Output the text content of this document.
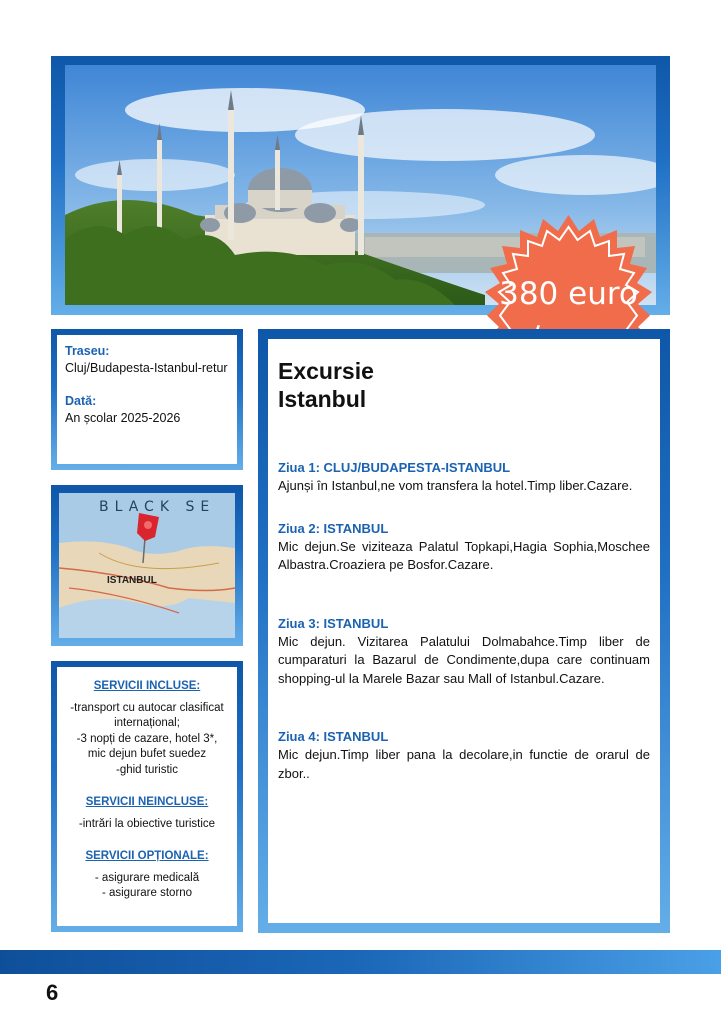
380 euro
Traseu:
Cluj/Budapesta-Istanbul-retur
Dată:
An școlar 2025-2026
BLACK SE
ISTANBUL
SERVICII INCLUSE:
-transport cu autocar clasificat internațional;
-3 nopți de cazare, hotel 3*,
mic dejun bufet suedez
-ghid turistic
SERVICII NEINCLUSE:
-intrări la obiective turistice
SERVICII OPȚIONALE:
- asigurare medicală
- asigurare storno
Excursie
Istanbul
Ziua 1: CLUJ/BUDAPESTA-ISTANBUL
Ajunși în Istanbul,ne vom transfera la hotel.Timp liber.Cazare.
Ziua 2: ISTANBUL
Mic dejun.Se viziteaza Palatul Topkapi,Hagia Sophia,Moschee Albastra.Croaziera pe Bosfor.Cazare.
Ziua 3: ISTANBUL
Mic dejun. Vizitarea Palatului Dolmabahce.Timp liber de cumparaturi la Bazarul de Condimente,dupa care continuam shopping-ul la Marele Bazar sau Mall of Istanbul.Cazare.
Ziua 4: ISTANBUL
Mic dejun.Timp liber pana la decolare,in functie de orarul de zbor..
6
